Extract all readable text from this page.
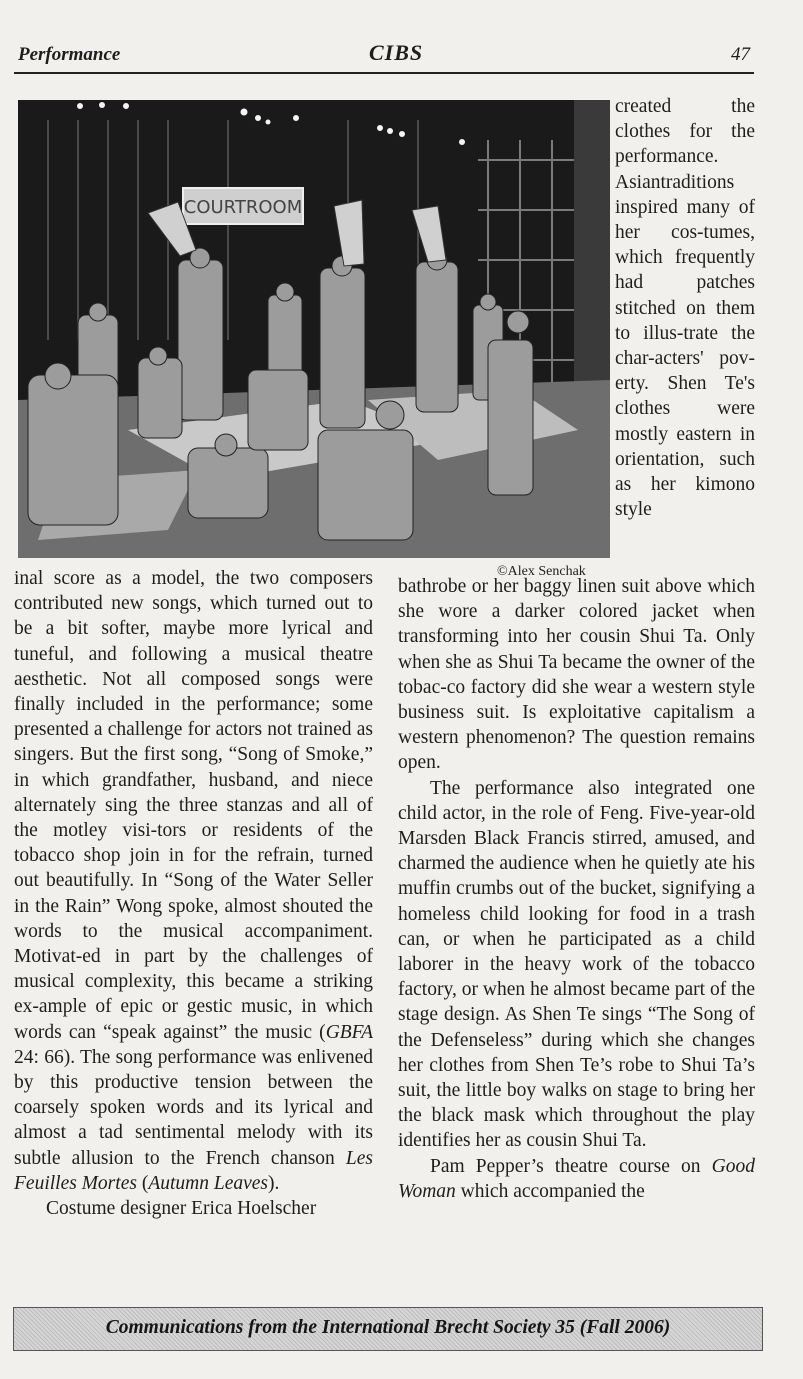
Performance	CIBS	47
COURTROOM
©Alex Senchak

created the clothes for the performance. Asiantraditions inspired many of her cos-tumes, which frequently had patches stitched on them to illus-trate the char-acters' pov-erty. Shen Te's clothes were mostly eastern in orientation, such as her kimono style

inal score as a model, the two composers contributed new songs, which turned out to be a bit softer, maybe more lyrical and tuneful, and following a musical theatre aesthetic. Not all composed songs were finally included in the performance; some presented a challenge for actors not trained as singers. But the first song, “Song of Smoke,” in which grandfather, husband, and niece alternately sing the three stanzas and all of the motley visi-tors or residents of the tobacco shop join in for the refrain, turned out beautifully. In “Song of the Water Seller in the Rain” Wong spoke, almost shouted the words to the musical accompaniment. Motivat-ed in part by the challenges of musical complexity, this became a striking ex-ample of epic or gestic music, in which words can “speak against” the music (GBFA 24: 66). The song performance was enlivened by this productive tension between the coarsely spoken words and its lyrical and almost a tad sentimental melody with its subtle allusion to the French chanson Les Feuilles Mortes (Autumn Leaves).

Costume designer Erica Hoelscher

bathrobe or her baggy linen suit above which she wore a darker colored jacket when transforming into her cousin Shui Ta. Only when she as Shui Ta became the owner of the tobac-co factory did she wear a western style business suit. Is exploitative capitalism a western phenomenon? The question remains open.

The performance also integrated one child actor, in the role of Feng. Five-year-old Marsden Black Francis stirred, amused, and charmed the audience when he quietly ate his muffin crumbs out of the bucket, signifying a homeless child looking for food in a trash can, or when he participated as a child laborer in the heavy work of the tobacco factory, or when he almost became part of the stage design. As Shen Te sings “The Song of the Defenseless” during which she changes her clothes from Shen Te’s robe to Shui Ta’s suit, the little boy walks on stage to bring her the black mask which throughout the play identifies her as cousin Shui Ta.

Pam Pepper’s theatre course on Good Woman which accompanied the

Communications from the International Brecht Society 35 (Fall 2006)
